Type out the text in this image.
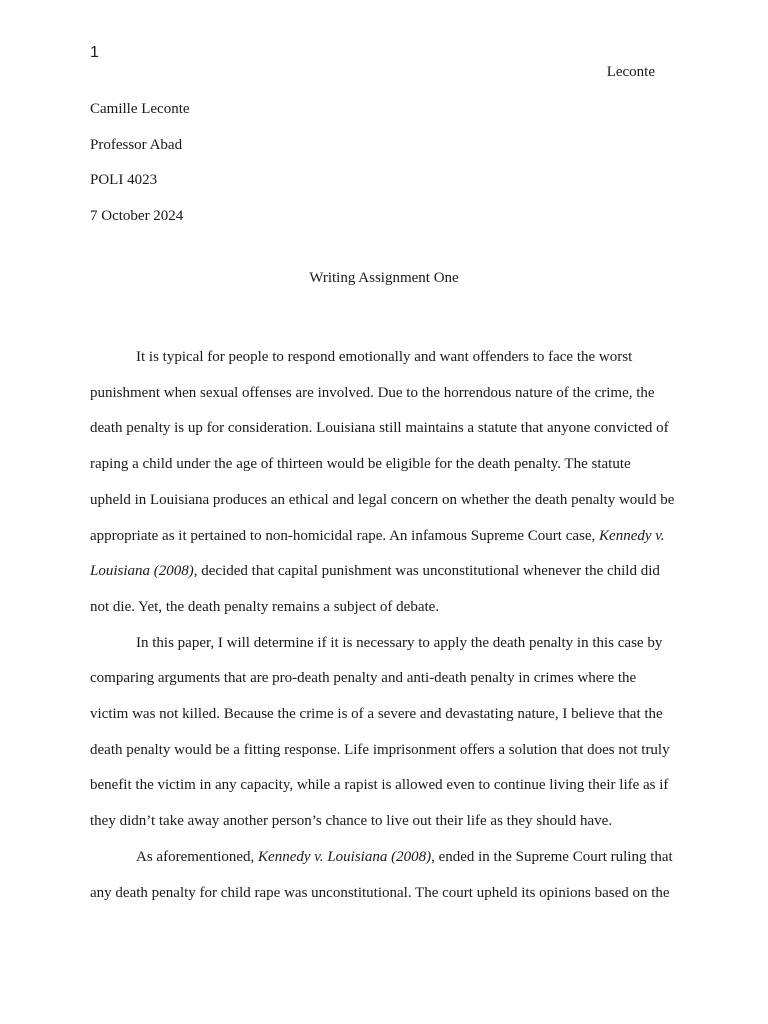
1
Leconte
Camille Leconte
Professor Abad
POLI 4023
7 October 2024
Writing Assignment One
It is typical for people to respond emotionally and want offenders to face the worst
punishment when sexual offenses are involved. Due to the horrendous nature of the crime, the
death penalty is up for consideration. Louisiana still maintains a statute that anyone convicted of
raping a child under the age of thirteen would be eligible for the death penalty. The statute
upheld in Louisiana produces an ethical and legal concern on whether the death penalty would be
appropriate as it pertained to non-homicidal rape. An infamous Supreme Court case, Kennedy v.
Louisiana (2008), decided that capital punishment was unconstitutional whenever the child did
not die. Yet, the death penalty remains a subject of debate.
In this paper, I will determine if it is necessary to apply the death penalty in this case by
comparing arguments that are pro-death penalty and anti-death penalty in crimes where the
victim was not killed. Because the crime is of a severe and devastating nature, I believe that the
death penalty would be a fitting response. Life imprisonment offers a solution that does not truly
benefit the victim in any capacity, while a rapist is allowed even to continue living their life as if
they didn’t take away another person’s chance to live out their life as they should have.
As aforementioned, Kennedy v. Louisiana (2008), ended in the Supreme Court ruling that
any death penalty for child rape was unconstitutional. The court upheld its opinions based on the
